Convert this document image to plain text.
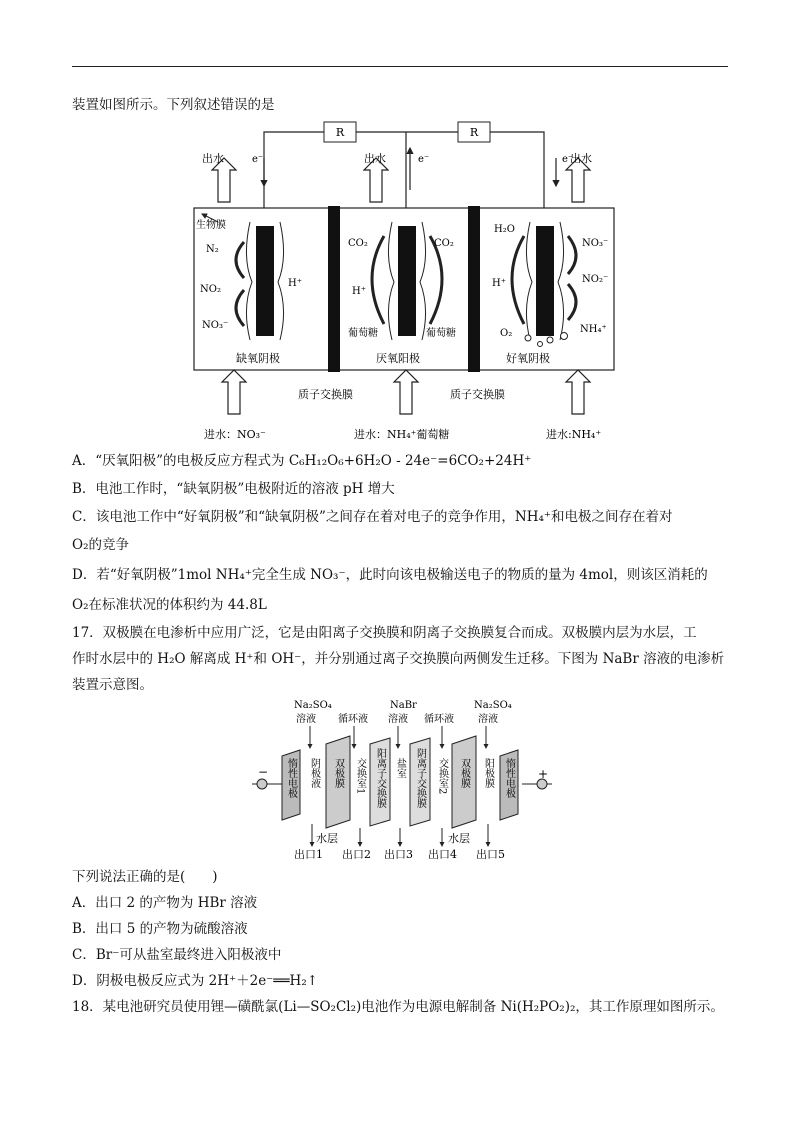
装置如图所示。下列叙述错误的是
R	R
e⁻	e⁻	e⁻
出水	出水	出水
生物膜
N₂
NO₂
NO₃⁻
H⁺
CO₂
H⁺
CO₂
葡萄糖	葡萄糖
H⁺
H₂O
NO₃⁻
NO₂⁻
O₂	NH₄⁺
缺氧阴极	厌氧阳极	好氧阴极
质子交换膜	质子交换膜
进水：NO₃⁻	进水：NH₄⁺葡萄糖	进水:NH₄⁺
A．“厌氧阳极”的电极反应方程式为 C₆H₁₂O₆+6H₂O - 24e⁻=6CO₂+24H⁺
B．电池工作时，“缺氧阴极”电极附近的溶液 pH 增大
C．该电池工作中“好氧阴极”和“缺氧阴极”之间存在着对电子的竞争作用，NH₄⁺和电极之间存在着对
O₂的竞争
D．若“好氧阴极”1mol NH₄⁺完全生成 NO₃⁻，此时向该电极输送电子的物质的量为 4mol，则该区消耗的
O₂在标准状况的体积约为 44.8L
17．双极膜在电渗析中应用广泛，它是由阳离子交换膜和阴离子交换膜复合而成。双极膜内层为水层，工
作时水层中的 H₂O 解离成 H⁺和 OH⁻，并分别通过离子交换膜向两侧发生迁移。下图为 NaBr 溶液的电渗析
装置示意图。
Na₂SO₄
溶液 循环液
NaBr
溶液 循环液
Na₂SO₄
溶液
−	+
惰性电极 阴极液 双极膜 交换室1 阳离子交换膜 盐室 阴离子交换膜 交换室2 双极膜 阳极膜 惰性电极
水层	水层
出口1 出口2 出口3 出口4 出口5
下列说法正确的是(　　)
A．出口 2 的产物为 HBr 溶液
B．出口 5 的产物为硫酸溶液
C．Br⁻可从盐室最终进入阳极液中
D．阴极电极反应式为 2H⁺＋2e⁻══H₂↑
18．某电池研究员使用锂—磺酰氯(Li—SO₂Cl₂)电池作为电源电解制备 Ni(H₂PO₂)₂，其工作原理如图所示。
